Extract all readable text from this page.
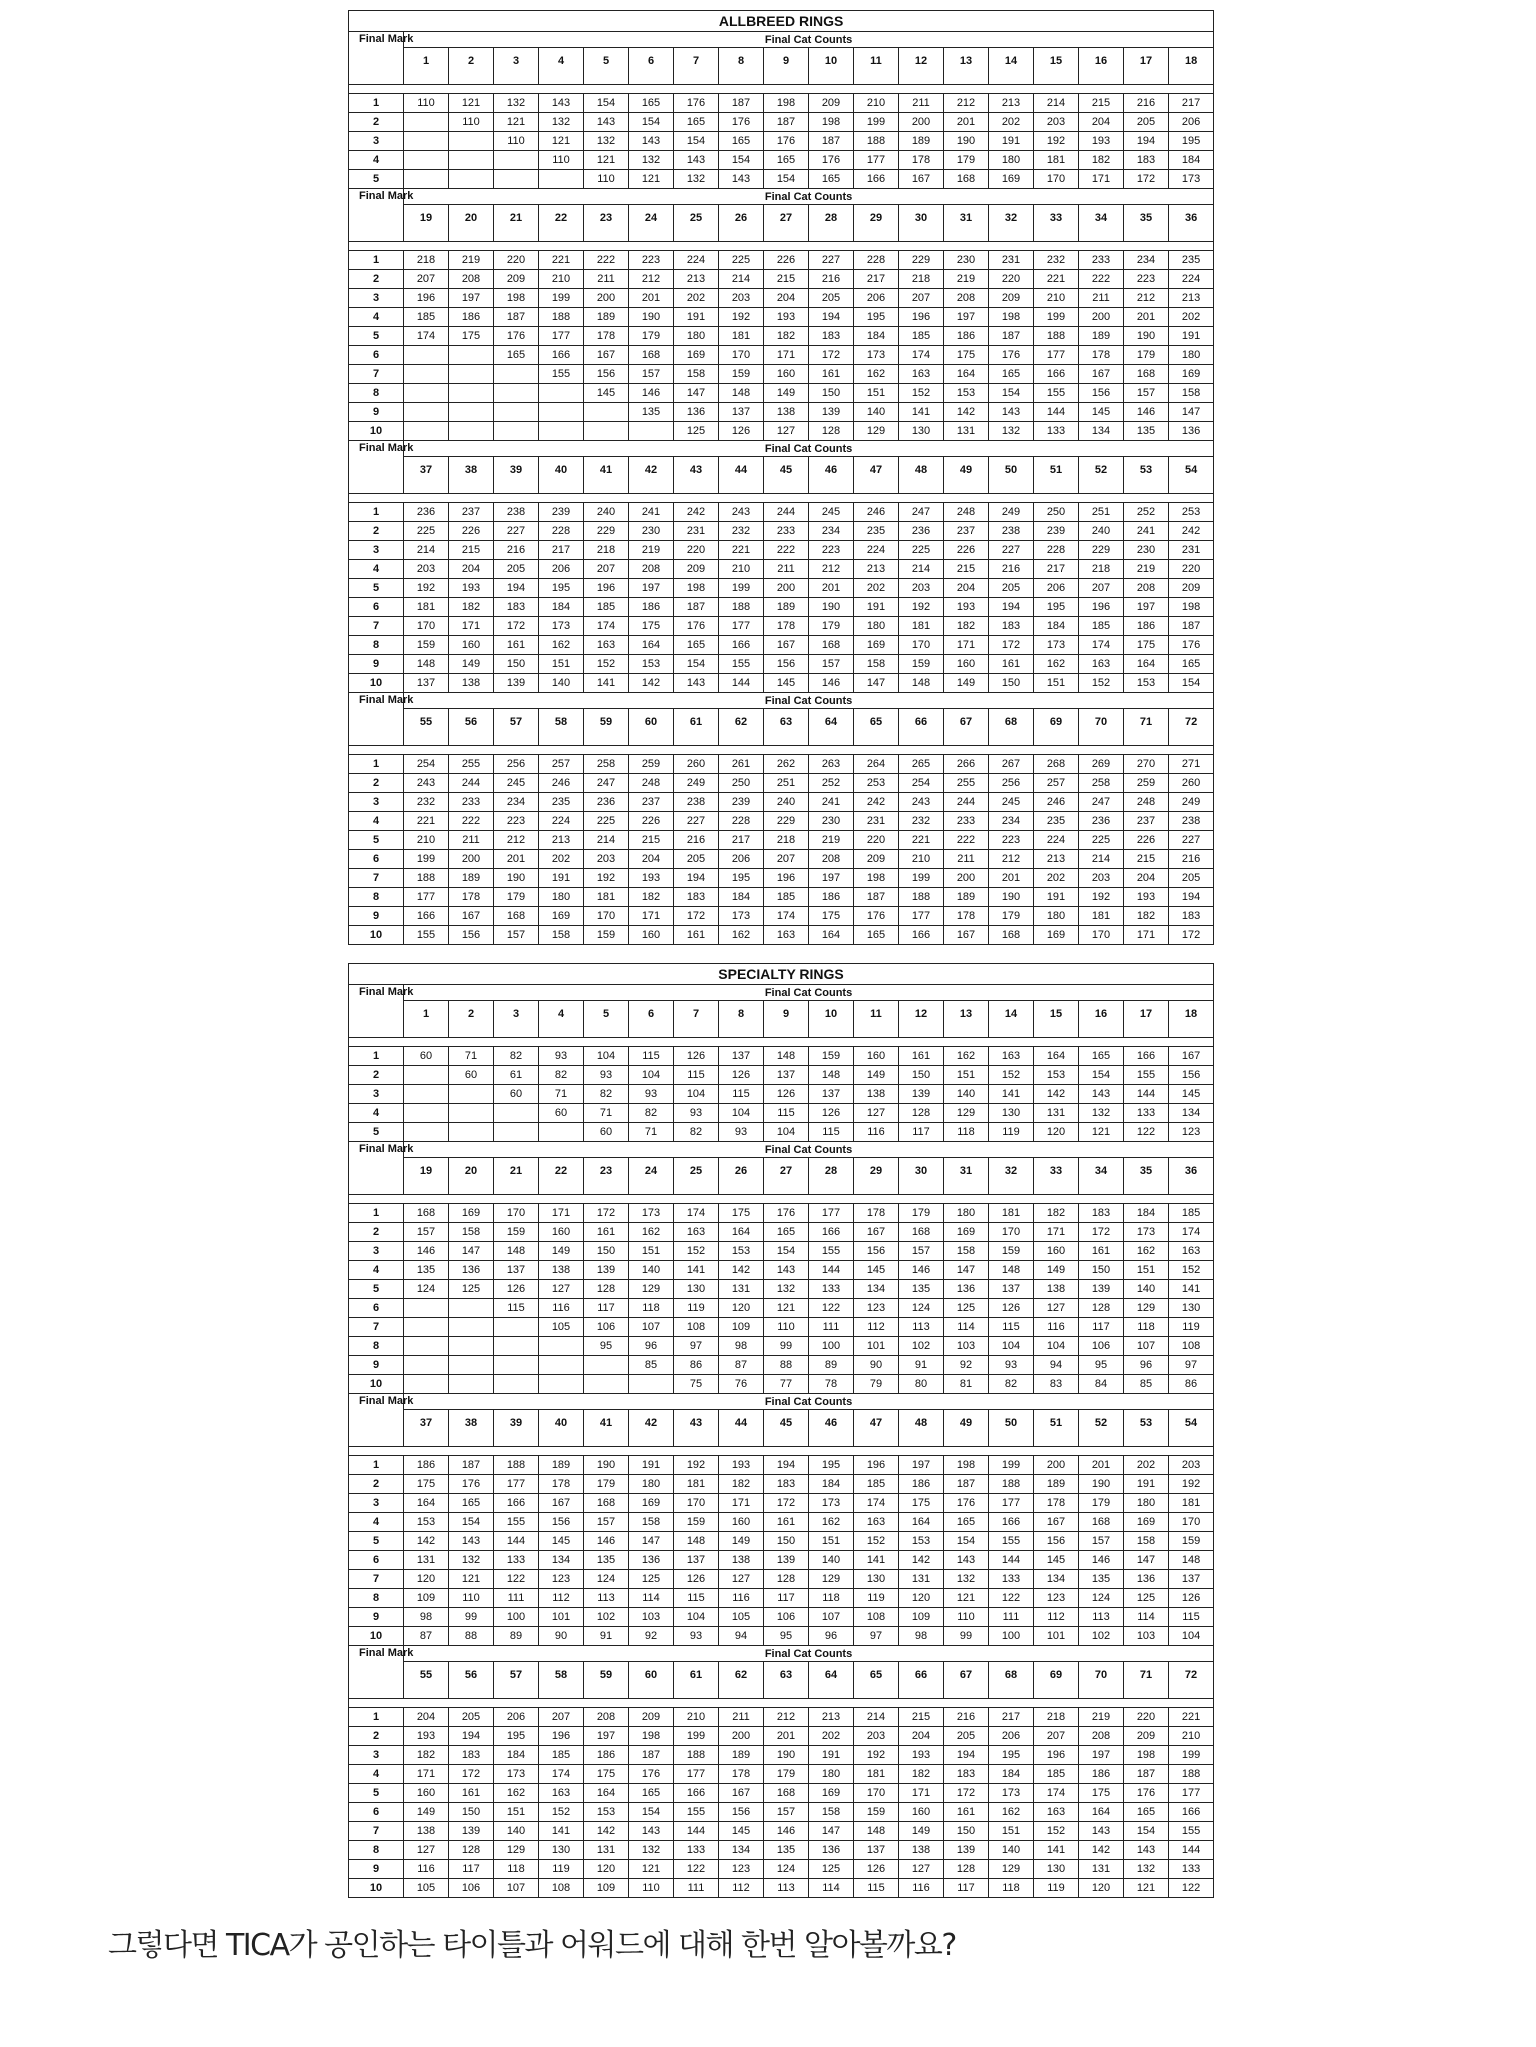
ALLBREED RINGS																		
Final Mark	Final Cat Counts																	
	1	2	3	4	5	6	7	8	9	10	11	12	13	14	15	16	17	18

1	110	121	132	143	154	165	176	187	198	209	210	211	212	213	214	215	216	217
2		110	121	132	143	154	165	176	187	198	199	200	201	202	203	204	205	206
3			110	121	132	143	154	165	176	187	188	189	190	191	192	193	194	195
4				110	121	132	143	154	165	176	177	178	179	180	181	182	183	184
5					110	121	132	143	154	165	166	167	168	169	170	171	172	173
Final Mark	Final Cat Counts																	
	19	20	21	22	23	24	25	26	27	28	29	30	31	32	33	34	35	36

1	218	219	220	221	222	223	224	225	226	227	228	229	230	231	232	233	234	235
2	207	208	209	210	211	212	213	214	215	216	217	218	219	220	221	222	223	224
3	196	197	198	199	200	201	202	203	204	205	206	207	208	209	210	211	212	213
4	185	186	187	188	189	190	191	192	193	194	195	196	197	198	199	200	201	202
5	174	175	176	177	178	179	180	181	182	183	184	185	186	187	188	189	190	191
6			165	166	167	168	169	170	171	172	173	174	175	176	177	178	179	180
7				155	156	157	158	159	160	161	162	163	164	165	166	167	168	169
8					145	146	147	148	149	150	151	152	153	154	155	156	157	158
9						135	136	137	138	139	140	141	142	143	144	145	146	147
10							125	126	127	128	129	130	131	132	133	134	135	136
Final Mark	Final Cat Counts																	
	37	38	39	40	41	42	43	44	45	46	47	48	49	50	51	52	53	54

1	236	237	238	239	240	241	242	243	244	245	246	247	248	249	250	251	252	253
2	225	226	227	228	229	230	231	232	233	234	235	236	237	238	239	240	241	242
3	214	215	216	217	218	219	220	221	222	223	224	225	226	227	228	229	230	231
4	203	204	205	206	207	208	209	210	211	212	213	214	215	216	217	218	219	220
5	192	193	194	195	196	197	198	199	200	201	202	203	204	205	206	207	208	209
6	181	182	183	184	185	186	187	188	189	190	191	192	193	194	195	196	197	198
7	170	171	172	173	174	175	176	177	178	179	180	181	182	183	184	185	186	187
8	159	160	161	162	163	164	165	166	167	168	169	170	171	172	173	174	175	176
9	148	149	150	151	152	153	154	155	156	157	158	159	160	161	162	163	164	165
10	137	138	139	140	141	142	143	144	145	146	147	148	149	150	151	152	153	154
Final Mark	Final Cat Counts																	
	55	56	57	58	59	60	61	62	63	64	65	66	67	68	69	70	71	72

1	254	255	256	257	258	259	260	261	262	263	264	265	266	267	268	269	270	271
2	243	244	245	246	247	248	249	250	251	252	253	254	255	256	257	258	259	260
3	232	233	234	235	236	237	238	239	240	241	242	243	244	245	246	247	248	249
4	221	222	223	224	225	226	227	228	229	230	231	232	233	234	235	236	237	238
5	210	211	212	213	214	215	216	217	218	219	220	221	222	223	224	225	226	227
6	199	200	201	202	203	204	205	206	207	208	209	210	211	212	213	214	215	216
7	188	189	190	191	192	193	194	195	196	197	198	199	200	201	202	203	204	205
8	177	178	179	180	181	182	183	184	185	186	187	188	189	190	191	192	193	194
9	166	167	168	169	170	171	172	173	174	175	176	177	178	179	180	181	182	183
10	155	156	157	158	159	160	161	162	163	164	165	166	167	168	169	170	171	172
SPECIALTY RINGS																		
Final Mark	Final Cat Counts																	
	1	2	3	4	5	6	7	8	9	10	11	12	13	14	15	16	17	18

1	60	71	82	93	104	115	126	137	148	159	160	161	162	163	164	165	166	167
2		60	61	82	93	104	115	126	137	148	149	150	151	152	153	154	155	156
3			60	71	82	93	104	115	126	137	138	139	140	141	142	143	144	145
4				60	71	82	93	104	115	126	127	128	129	130	131	132	133	134
5					60	71	82	93	104	115	116	117	118	119	120	121	122	123
Final Mark	Final Cat Counts																	
	19	20	21	22	23	24	25	26	27	28	29	30	31	32	33	34	35	36

1	168	169	170	171	172	173	174	175	176	177	178	179	180	181	182	183	184	185
2	157	158	159	160	161	162	163	164	165	166	167	168	169	170	171	172	173	174
3	146	147	148	149	150	151	152	153	154	155	156	157	158	159	160	161	162	163
4	135	136	137	138	139	140	141	142	143	144	145	146	147	148	149	150	151	152
5	124	125	126	127	128	129	130	131	132	133	134	135	136	137	138	139	140	141
6			115	116	117	118	119	120	121	122	123	124	125	126	127	128	129	130
7				105	106	107	108	109	110	111	112	113	114	115	116	117	118	119
8					95	96	97	98	99	100	101	102	103	104	104	106	107	108
9						85	86	87	88	89	90	91	92	93	94	95	96	97
10							75	76	77	78	79	80	81	82	83	84	85	86
Final Mark	Final Cat Counts																	
	37	38	39	40	41	42	43	44	45	46	47	48	49	50	51	52	53	54

1	186	187	188	189	190	191	192	193	194	195	196	197	198	199	200	201	202	203
2	175	176	177	178	179	180	181	182	183	184	185	186	187	188	189	190	191	192
3	164	165	166	167	168	169	170	171	172	173	174	175	176	177	178	179	180	181
4	153	154	155	156	157	158	159	160	161	162	163	164	165	166	167	168	169	170
5	142	143	144	145	146	147	148	149	150	151	152	153	154	155	156	157	158	159
6	131	132	133	134	135	136	137	138	139	140	141	142	143	144	145	146	147	148
7	120	121	122	123	124	125	126	127	128	129	130	131	132	133	134	135	136	137
8	109	110	111	112	113	114	115	116	117	118	119	120	121	122	123	124	125	126
9	98	99	100	101	102	103	104	105	106	107	108	109	110	111	112	113	114	115
10	87	88	89	90	91	92	93	94	95	96	97	98	99	100	101	102	103	104
Final Mark	Final Cat Counts																	
	55	56	57	58	59	60	61	62	63	64	65	66	67	68	69	70	71	72

1	204	205	206	207	208	209	210	211	212	213	214	215	216	217	218	219	220	221
2	193	194	195	196	197	198	199	200	201	202	203	204	205	206	207	208	209	210
3	182	183	184	185	186	187	188	189	190	191	192	193	194	195	196	197	198	199
4	171	172	173	174	175	176	177	178	179	180	181	182	183	184	185	186	187	188
5	160	161	162	163	164	165	166	167	168	169	170	171	172	173	174	175	176	177
6	149	150	151	152	153	154	155	156	157	158	159	160	161	162	163	164	165	166
7	138	139	140	141	142	143	144	145	146	147	148	149	150	151	152	143	154	155
8	127	128	129	130	131	132	133	134	135	136	137	138	139	140	141	142	143	144
9	116	117	118	119	120	121	122	123	124	125	126	127	128	129	130	131	132	133
10	105	106	107	108	109	110	111	112	113	114	115	116	117	118	119	120	121	122

그렇다면 TICA가 공인하는 타이틀과 어워드에 대해 한번 알아볼까요?
